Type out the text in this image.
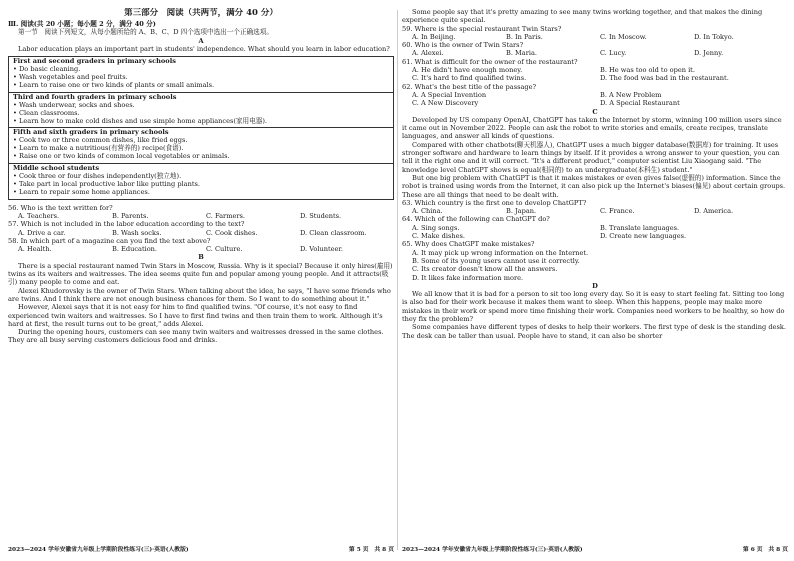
第三部分　阅读（共两节，满分 40 分）

Ⅲ. 阅读(共 20 小题；每小题 2 分，满分 40 分)

第一节　阅读下列短文，从每小题所给的 A、B、C、D 四个选项中选出一个正确选项。

A

Labor education plays an important part in students' independence. What should you learn in labor education?

First and second graders in primary schools

• Do basic cleaning.

• Wash vegetables and peel fruits.

• Learn to raise one or two kinds of plants or small animals.

Third and fourth graders in primary schools

• Wash underwear, socks and shoes.

• Clean classrooms.

• Learn how to make cold dishes and use simple home appliances(家用电器).

Fifth and sixth graders in primary schools

• Cook two or three common dishes, like fried eggs.

• Learn to make a nutritious(有营养的) recipe(食谱).

• Raise one or two kinds of common local vegetables or animals.

Middle school students

• Cook three or four dishes independently(独立地).

• Take part in local productive labor like putting plants.

• Learn to repair some home appliances.

56. Who is the text written for?

A. Teachers.	B. Parents.	C. Farmers.	D. Students.

57. Which is not included in the labor education according to the text?

A. Drive a car.	B. Wash socks.	C. Cook dishes.	D. Clean classroom.

58. In which part of a magazine can you find the text above?

A. Health.	B. Education.	C. Culture.	D. Volunteer.

B

There is a special restaurant named Twin Stars in Moscow, Russia. Why is it special? Because it only hires(雇用) twins as its waiters and waitresses. The idea seems quite fun and popular among young people. And it attracts(吸引) many people to come and eat.

Alexei Khudorovsky is the owner of Twin Stars. When talking about the idea, he says, "I have some friends who are twins. And I think there are not enough business chances for them. So I want to do something about it."

However, Alexei says that it is not easy for him to find qualified twins. "Of course, it's not easy to find experienced twin waiters and waitresses. So I have to first find twins and then train them to work. Although it's hard at first, the result turns out to be great," adds Alexei.

During the opening hours, customers can see many twin waiters and waitresses dressed in the same clothes. They are all busy serving customers delicious food and drinks.

2023—2024 学年安徽省九年级上学期阶段性练习(三)·英语(人教版)	第 5 页　共 8 页

Some people say that it's pretty amazing to see many twins working together, and that makes the dining experience quite special.

59. Where is the special restaurant Twin Stars?

A. In Beijing.	B. In Paris.	C. In Moscow.	D. In Tokyo.

60. Who is the owner of Twin Stars?

A. Alexei.	B. Maria.	C. Lucy.	D. Jenny.

61. What is difficult for the owner of the restaurant?

A. He didn't have enough money.	B. He was too old to open it.
C. It's hard to find qualified twins.	D. The food was bad in the restaurant.

62. What's the best title of the passage?

A. A Special Invention	B. A New Problem
C. A New Discovery	D. A Special Restaurant

C

Developed by US company OpenAI, ChatGPT has taken the Internet by storm, winning 100 million users since it came out in November 2022. People can ask the robot to write stories and emails, create recipes, translate languages, and answer all kinds of questions.

Compared with other chatbots(聊天机器人), ChatGPT uses a much bigger database(数据库) for training. It uses stronger software and hardware to learn things by itself. If it provides a wrong answer to your question, you can tell it the right one and it will correct. "It's a different product," computer scientist Liu Xiaogang said. "The knowledge level ChatGPT shows is equal(相同的) to an undergraduate(本科生) student."

But one big problem with ChatGPT is that it makes mistakes or even gives false(虚假的) information. Since the robot is trained using words from the Internet, it can also pick up the Internet's biases(偏见) about certain groups. These are all things that need to be dealt with.

63. Which country is the first one to develop ChatGPT?

A. China.	B. Japan.	C. France.	D. America.

64. Which of the following can ChatGPT do?

A. Sing songs.	B. Translate languages.
C. Make dishes.	D. Create new languages.

65. Why does ChatGPT make mistakes?

A. It may pick up wrong information on the Internet.

B. Some of its young users cannot use it correctly.

C. Its creator doesn't know all the answers.

D. It likes fake information more.

D

We all know that it is bad for a person to sit too long every day. So it is easy to start feeling fat. Sitting too long is also bad for their work because it makes them want to sleep. When this happens, people may make more mistakes in their work or spend more time finishing their work. Companies need workers to be healthy, so how do they fix the problem?

Some companies have different types of desks to help their workers. The first type of desk is the standing desk. The desk can be taller than usual. People have to stand, it can also be shorter

2023—2024 学年安徽省九年级上学期阶段性练习(三)·英语(人教版)	第 6 页　共 8 页
